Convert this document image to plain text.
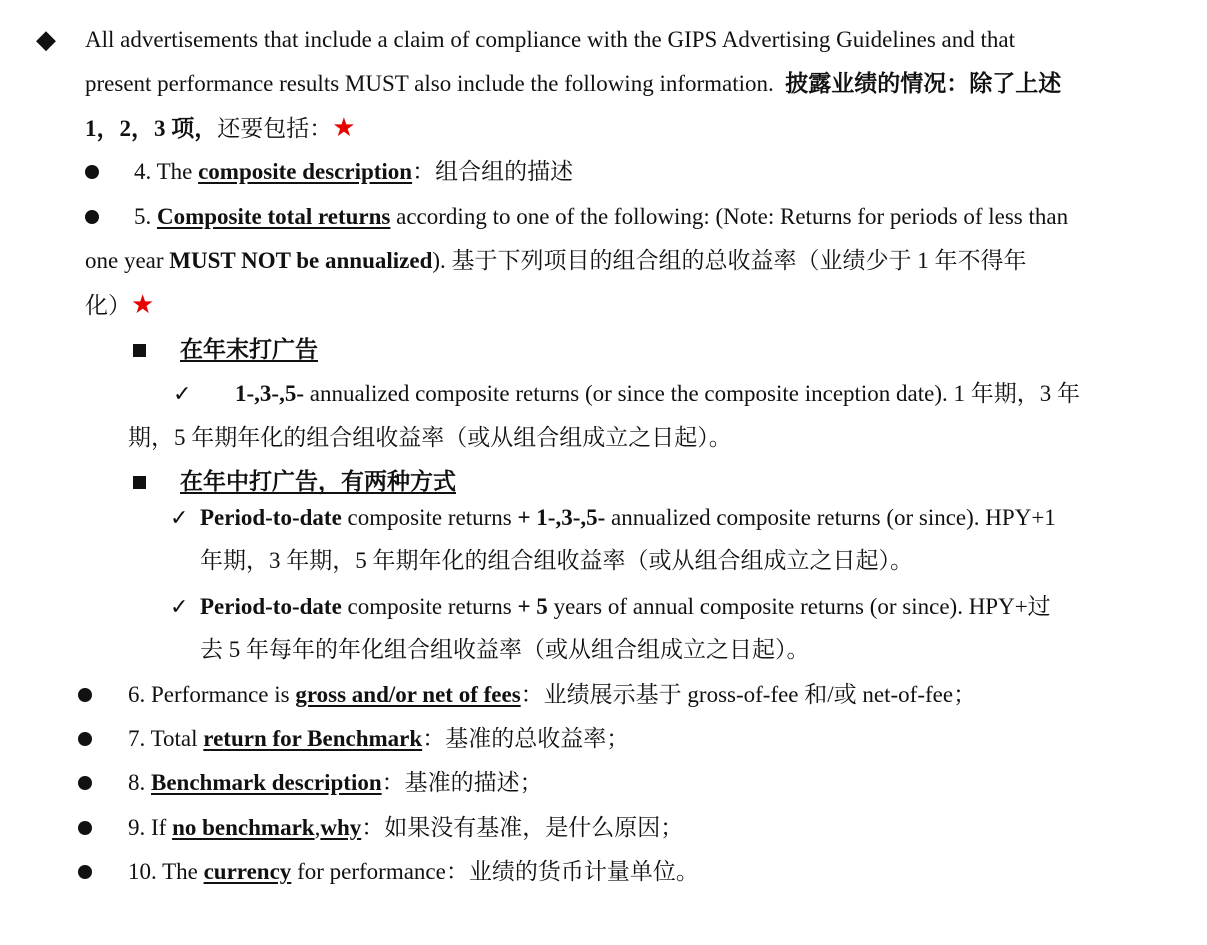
◆ All advertisements that include a claim of compliance with the GIPS Advertising Guidelines and that
present performance results MUST also include the following information. 披露业绩的情况：除了上述
1，2，3 项，还要包括：★
4. The composite description：组合组的描述
5. Composite total returns according to one of the following: (Note: Returns for periods of less than
one year MUST NOT be annualized). 基于下列项目的组合组的总收益率（业绩少于 1 年不得年
化）★
在年末打广告
✓ 1-,3-,5- annualized composite returns (or since the composite inception date). 1 年期，3 年
期，5 年期年化的组合组收益率（或从组合组成立之日起）。
在年中打广告，有两种方式
✓ Period-to-date composite returns + 1-,3-,5- annualized composite returns (or since). HPY+1
年期，3 年期，5 年期年化的组合组收益率（或从组合组成立之日起）。
✓ Period-to-date composite returns + 5 years of annual composite returns (or since). HPY+过
去 5 年每年的年化组合组收益率（或从组合组成立之日起）。
6. Performance is gross and/or net of fees：业绩展示基于 gross-of-fee 和/或 net-of-fee；
7. Total return for Benchmark：基准的总收益率；
8. Benchmark description：基准的描述；
9. If no benchmark,why：如果没有基准，是什么原因；
10. The currency for performance：业绩的货币计量单位。
